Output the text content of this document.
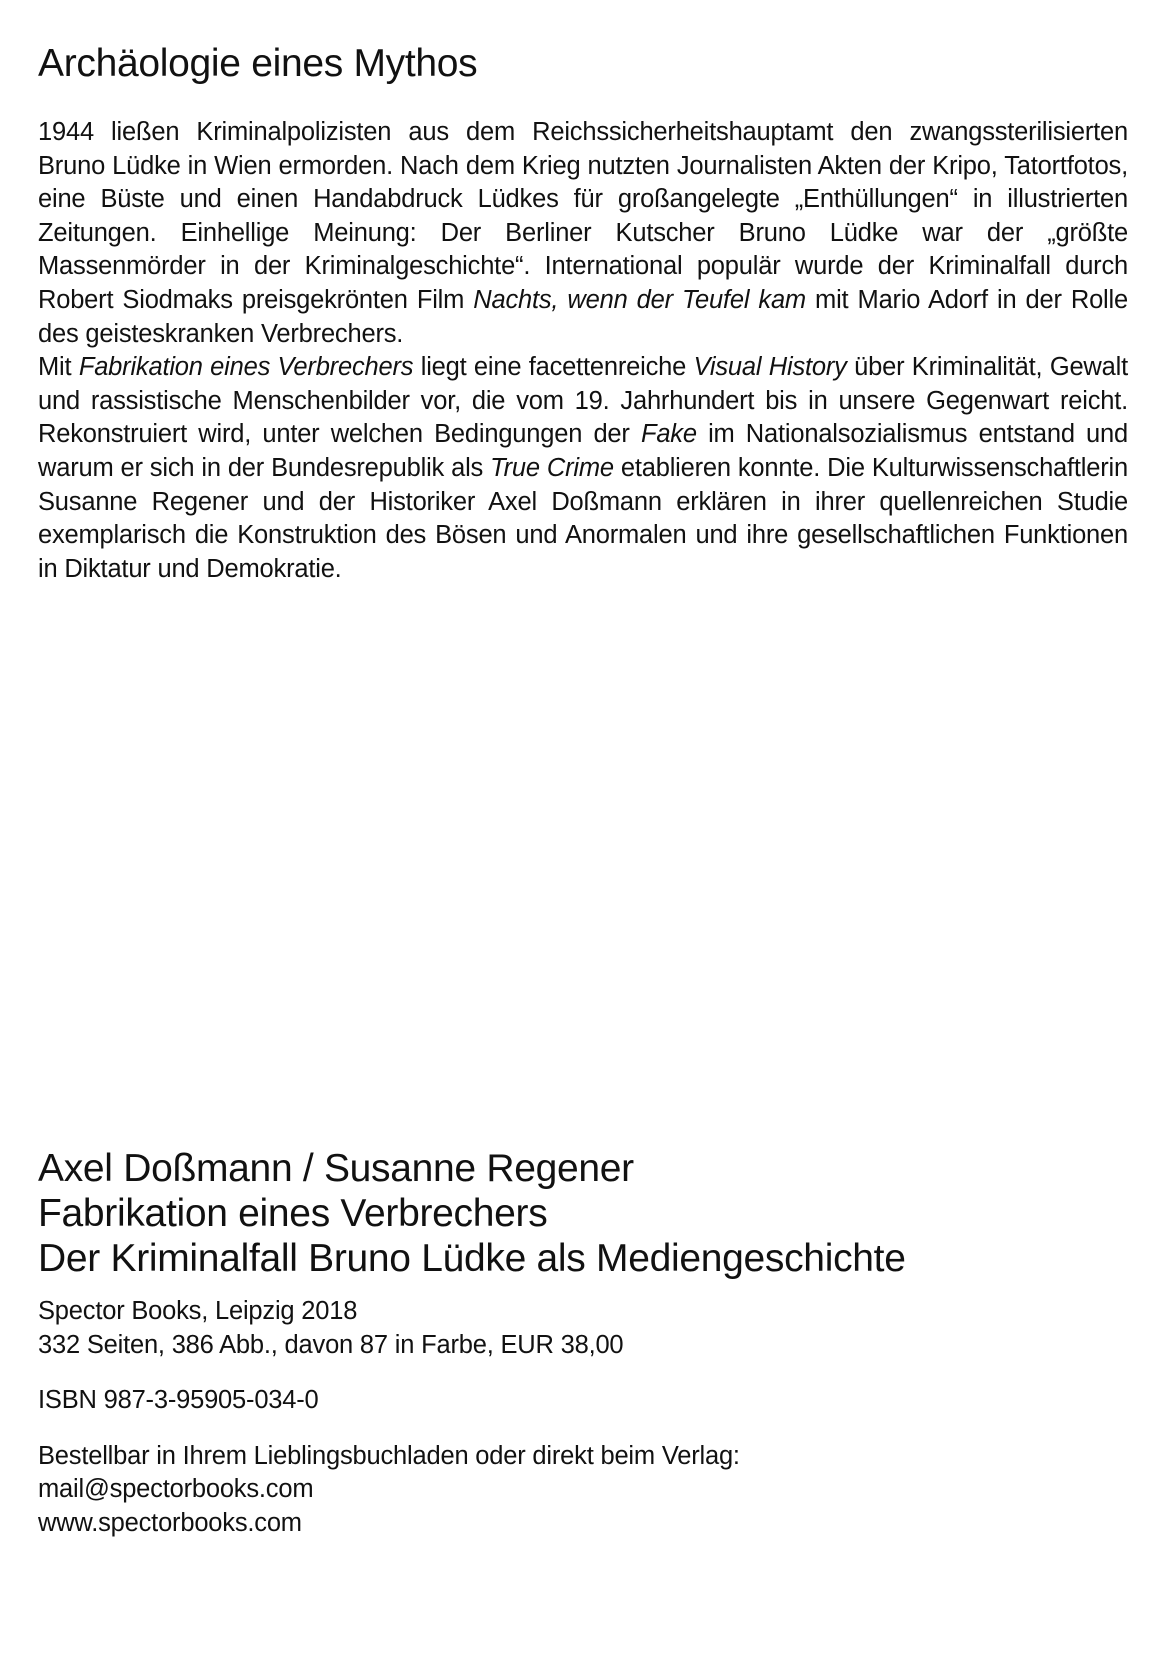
Archäologie eines Mythos

1944 ließen Kriminalpolizisten aus dem Reichssicherheitshauptamt den zwangssterilisierten Bruno Lüdke in Wien ermorden. Nach dem Krieg nutzten Journalisten Akten der Kripo, Tatortfotos, eine Büste und einen Handabdruck Lüdkes für großangelegte „Enthüllungen“ in illustrierten Zeitungen. Einhellige Meinung: Der Berliner Kutscher Bruno Lüdke war der „größte Massenmörder in der Kriminalgeschichte“. International populär wurde der Kriminalfall durch Robert Siodmaks preisgekrönten Film Nachts, wenn der Teufel kam mit Mario Adorf in der Rolle des geisteskranken Verbrechers.

Mit Fabrikation eines Verbrechers liegt eine facettenreiche Visual History über Kriminalität, Gewalt und rassistische Menschenbilder vor, die vom 19. Jahrhundert bis in unsere Gegenwart reicht. Rekonstruiert wird, unter welchen Bedingungen der Fake im Nationalsozialismus entstand und warum er sich in der Bundesrepublik als True Crime etablieren konnte. Die Kulturwissenschaftlerin Susanne Regener und der Historiker Axel Doßmann erklären in ihrer quellenreichen Studie exemplarisch die Konstruktion des Bösen und Anormalen und ihre gesellschaftlichen Funktionen in Diktatur und Demokratie.

Axel Doßmann / Susanne Regener
Fabrikation eines Verbrechers
Der Kriminalfall Bruno Lüdke als Mediengeschichte
Spector Books, Leipzig 2018
332 Seiten, 386 Abb., davon 87 in Farbe, EUR 38,00
ISBN 987-3-95905-034-0
Bestellbar in Ihrem Lieblingsbuchladen oder direkt beim Verlag:
mail@spectorbooks.com
www.spectorbooks.com
